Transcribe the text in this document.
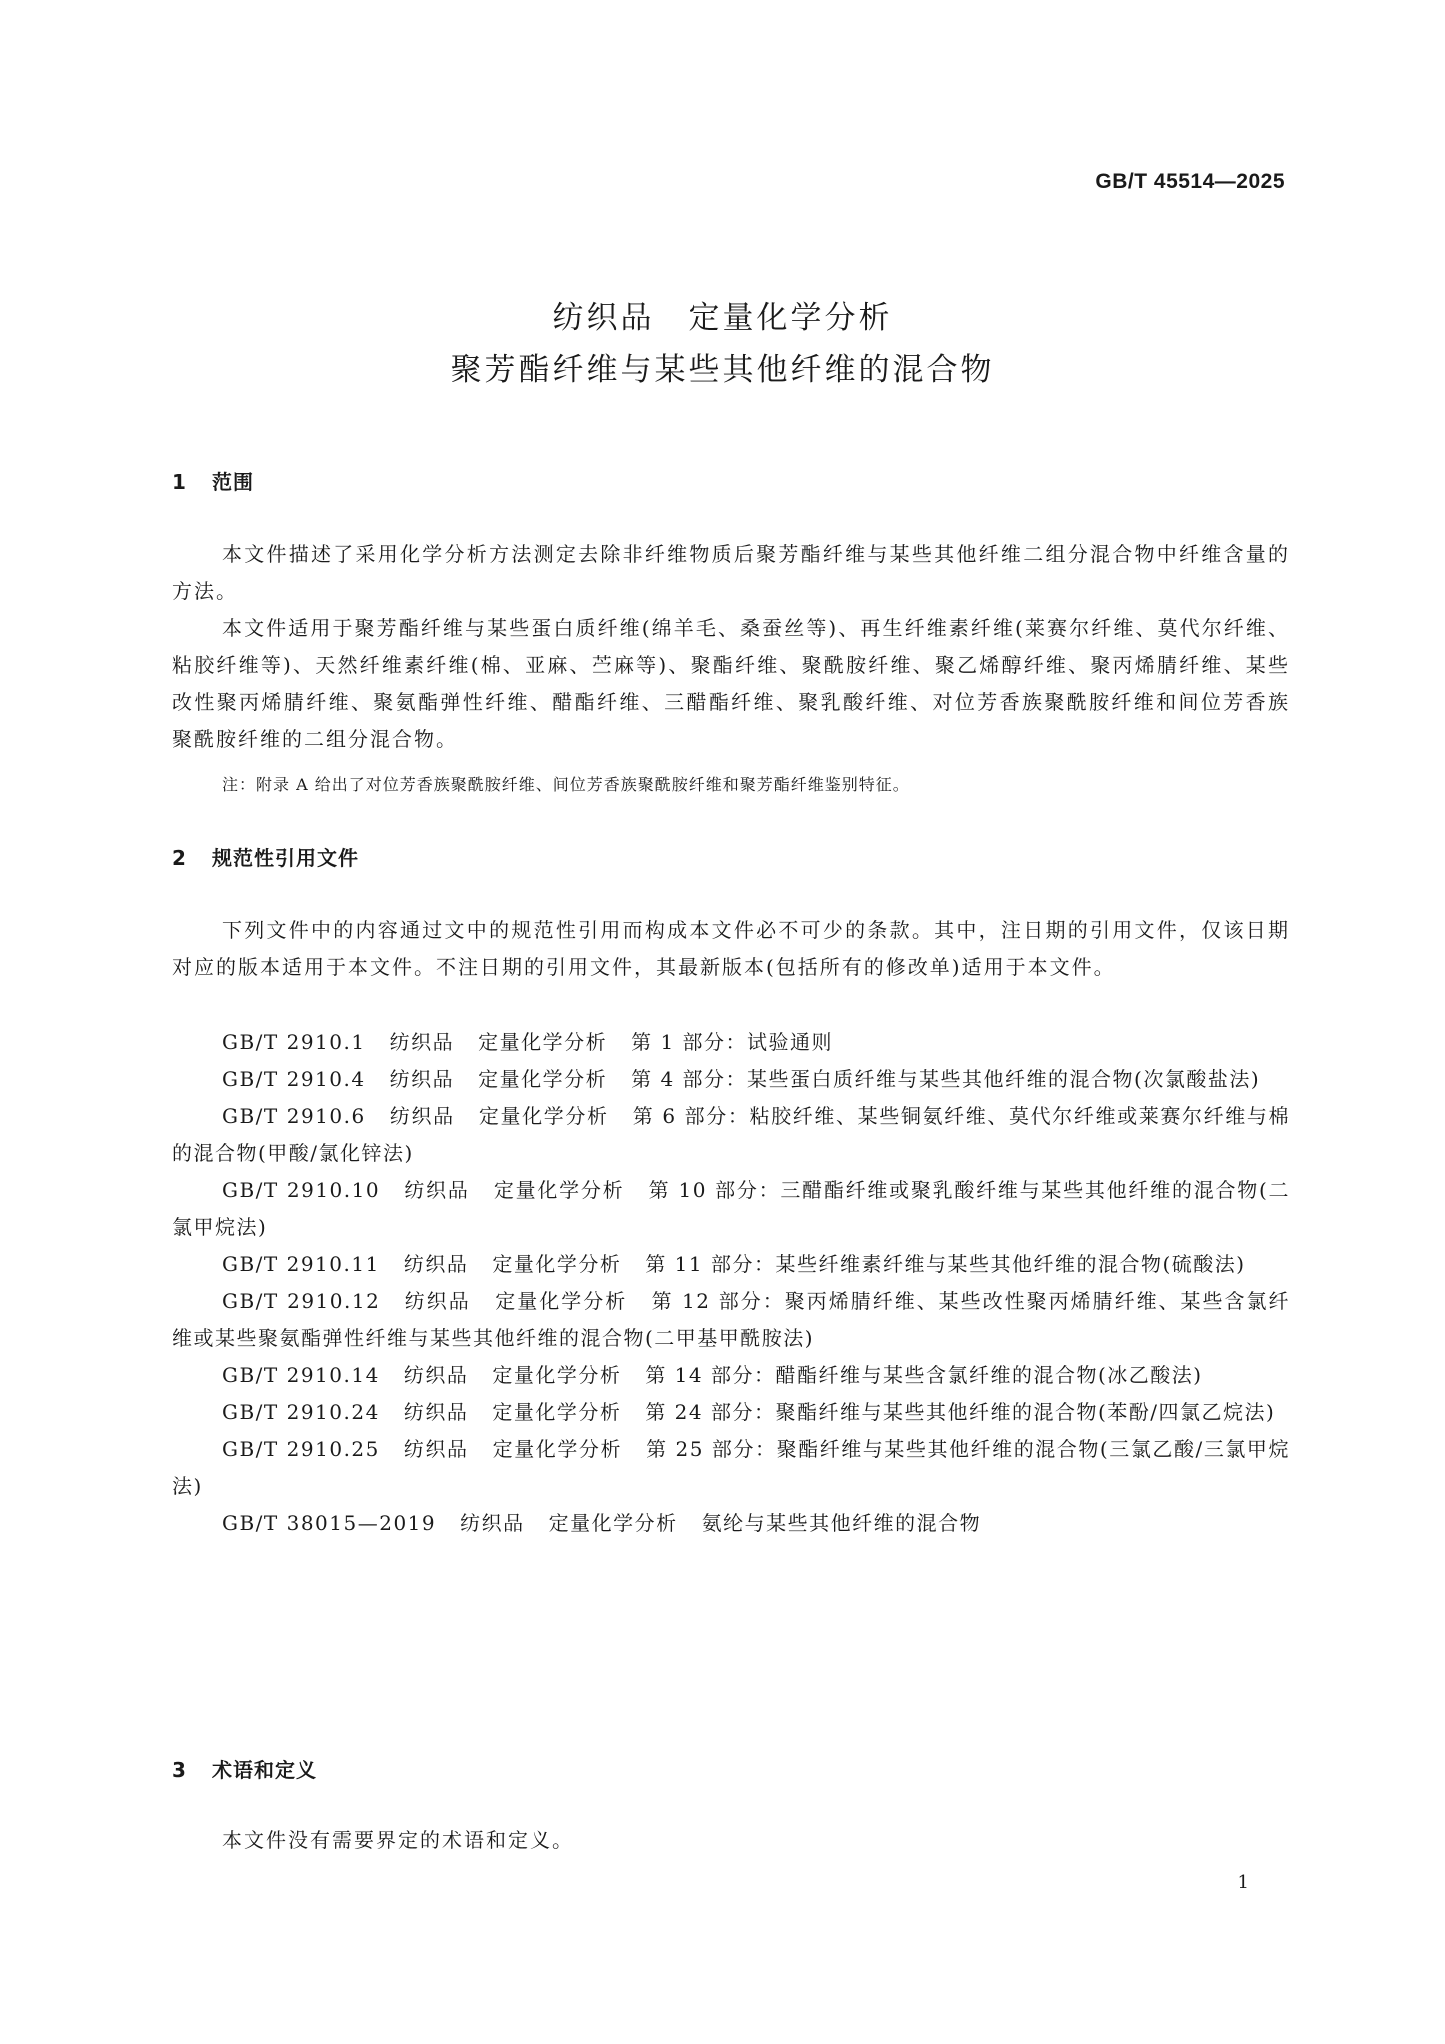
GB/T 45514—2025
纺织品　定量化学分析
聚芳酯纤维与某些其他纤维的混合物
1 范围
本文件描述了采用化学分析方法测定去除非纤维物质后聚芳酯纤维与某些其他纤维二组分混合物中纤维含量的方法。
本文件适用于聚芳酯纤维与某些蛋白质纤维(绵羊毛、桑蚕丝等)、再生纤维素纤维(莱赛尔纤维、莫代尔纤维、粘胶纤维等)、天然纤维素纤维(棉、亚麻、苎麻等)、聚酯纤维、聚酰胺纤维、聚乙烯醇纤维、聚丙烯腈纤维、某些改性聚丙烯腈纤维、聚氨酯弹性纤维、醋酯纤维、三醋酯纤维、聚乳酸纤维、对位芳香族聚酰胺纤维和间位芳香族聚酰胺纤维的二组分混合物。
注：附录 A 给出了对位芳香族聚酰胺纤维、间位芳香族聚酰胺纤维和聚芳酯纤维鉴别特征。
2 规范性引用文件
下列文件中的内容通过文中的规范性引用而构成本文件必不可少的条款。其中，注日期的引用文件，仅该日期对应的版本适用于本文件。不注日期的引用文件，其最新版本(包括所有的修改单)适用于本文件。
GB/T 2910.1 纺织品 定量化学分析 第 1 部分：试验通则
GB/T 2910.4 纺织品 定量化学分析 第 4 部分：某些蛋白质纤维与某些其他纤维的混合物(次氯酸盐法)
GB/T 2910.6 纺织品 定量化学分析 第 6 部分：粘胶纤维、某些铜氨纤维、莫代尔纤维或莱赛尔纤维与棉的混合物(甲酸/氯化锌法)
GB/T 2910.10 纺织品 定量化学分析 第 10 部分：三醋酯纤维或聚乳酸纤维与某些其他纤维的混合物(二氯甲烷法)
GB/T 2910.11 纺织品 定量化学分析 第 11 部分：某些纤维素纤维与某些其他纤维的混合物(硫酸法)
GB/T 2910.12 纺织品 定量化学分析 第 12 部分：聚丙烯腈纤维、某些改性聚丙烯腈纤维、某些含氯纤维或某些聚氨酯弹性纤维与某些其他纤维的混合物(二甲基甲酰胺法)
GB/T 2910.14 纺织品 定量化学分析 第 14 部分：醋酯纤维与某些含氯纤维的混合物(冰乙酸法)
GB/T 2910.24 纺织品 定量化学分析 第 24 部分：聚酯纤维与某些其他纤维的混合物(苯酚/四氯乙烷法)
GB/T 2910.25 纺织品 定量化学分析 第 25 部分：聚酯纤维与某些其他纤维的混合物(三氯乙酸/三氯甲烷法)
GB/T 38015—2019 纺织品 定量化学分析 氨纶与某些其他纤维的混合物
3 术语和定义
本文件没有需要界定的术语和定义。
1
